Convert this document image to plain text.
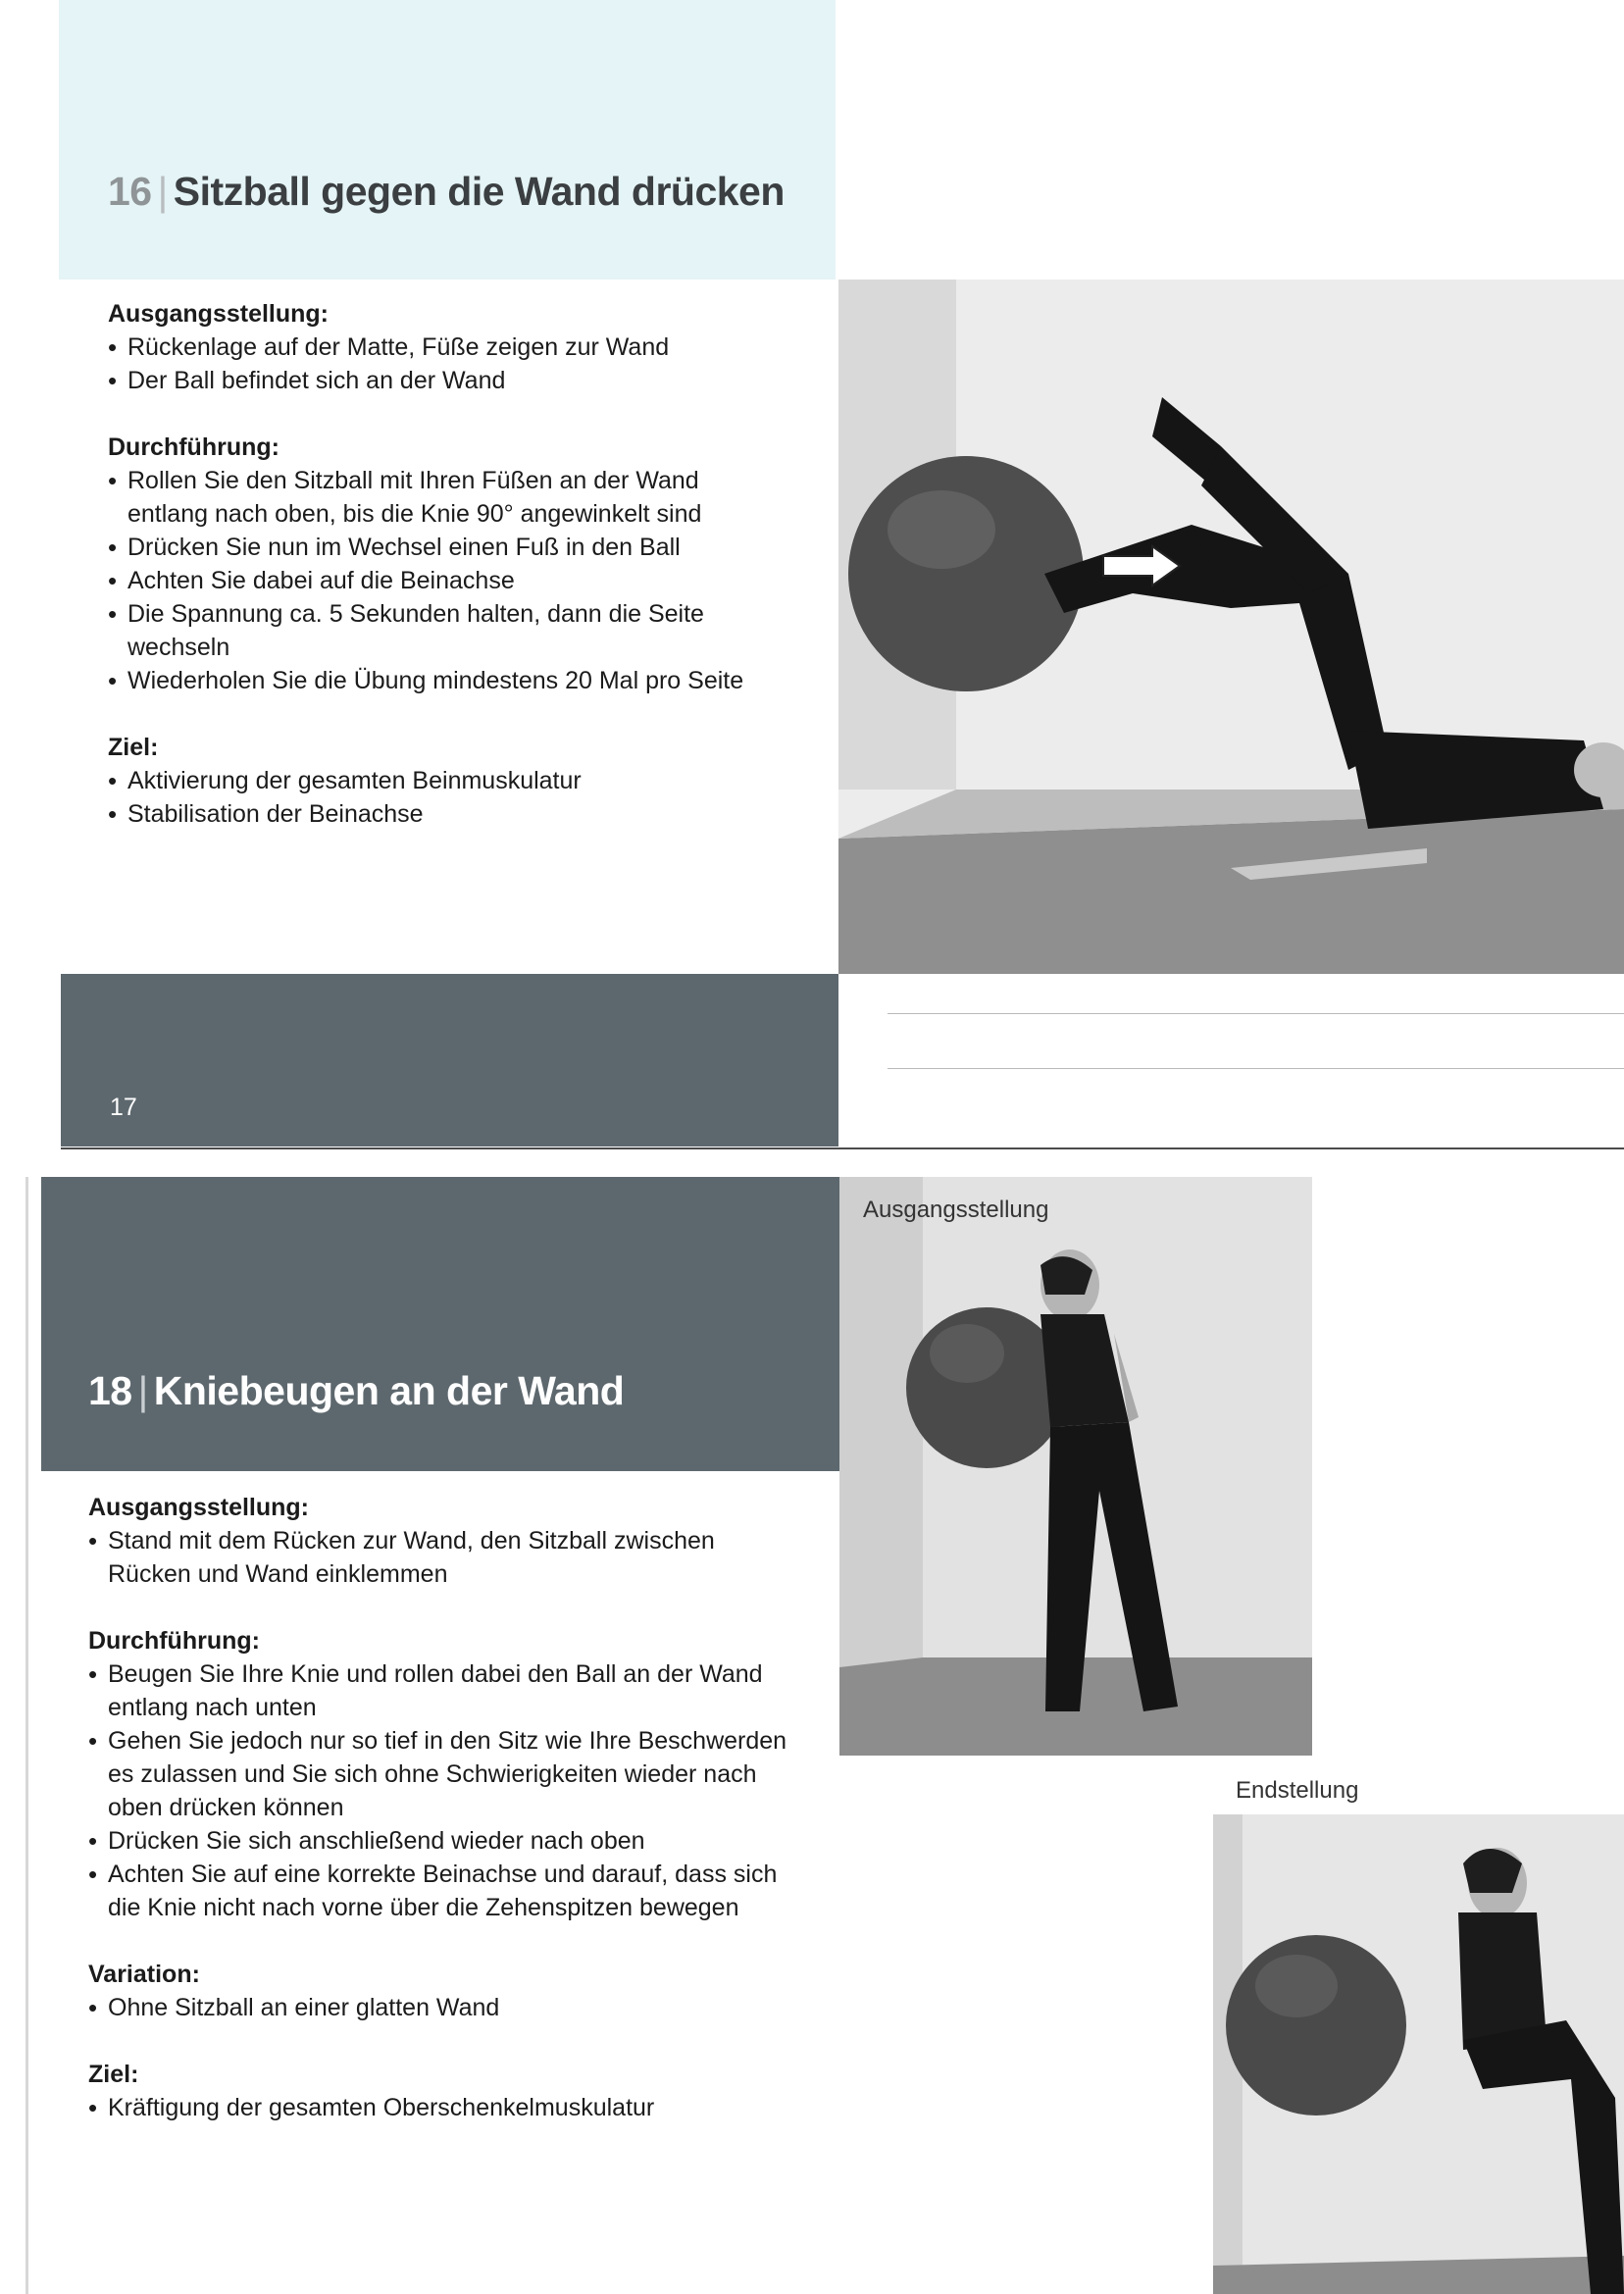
16 | Sitzball gegen die Wand drücken
Ausgangsstellung:
• Rückenlage auf der Matte, Füße zeigen zur Wand
• Der Ball befindet sich an der Wand
Durchführung:
• Rollen Sie den Sitzball mit Ihren Füßen an der Wand
entlang nach oben, bis die Knie 90° angewinkelt sind
• Drücken Sie nun im Wechsel einen Fuß in den Ball
• Achten Sie dabei auf die Beinachse
• Die Spannung ca. 5 Sekunden halten, dann die Seite
wechseln
• Wiederholen Sie die Übung mindestens 20 Mal pro Seite
Ziel:
• Aktivierung der gesamten Beinmuskulatur
• Stabilisation der Beinachse
17
18 | Kniebeugen an der Wand
Ausgangsstellung:
• Stand mit dem Rücken zur Wand, den Sitzball zwischen
Rücken und Wand einklemmen
Durchführung:
• Beugen Sie Ihre Knie und rollen dabei den Ball an der Wand
entlang nach unten
• Gehen Sie jedoch nur so tief in den Sitz wie Ihre Beschwerden
es zulassen und Sie sich ohne Schwierigkeiten wieder nach
oben drücken können
• Drücken Sie sich anschließend wieder nach oben
• Achten Sie auf eine korrekte Beinachse und darauf, dass sich
die Knie nicht nach vorne über die Zehenspitzen bewegen
Variation:
• Ohne Sitzball an einer glatten Wand
Ziel:
• Kräftigung der gesamten Oberschenkelmuskulatur
Ausgangsstellung
Endstellung
